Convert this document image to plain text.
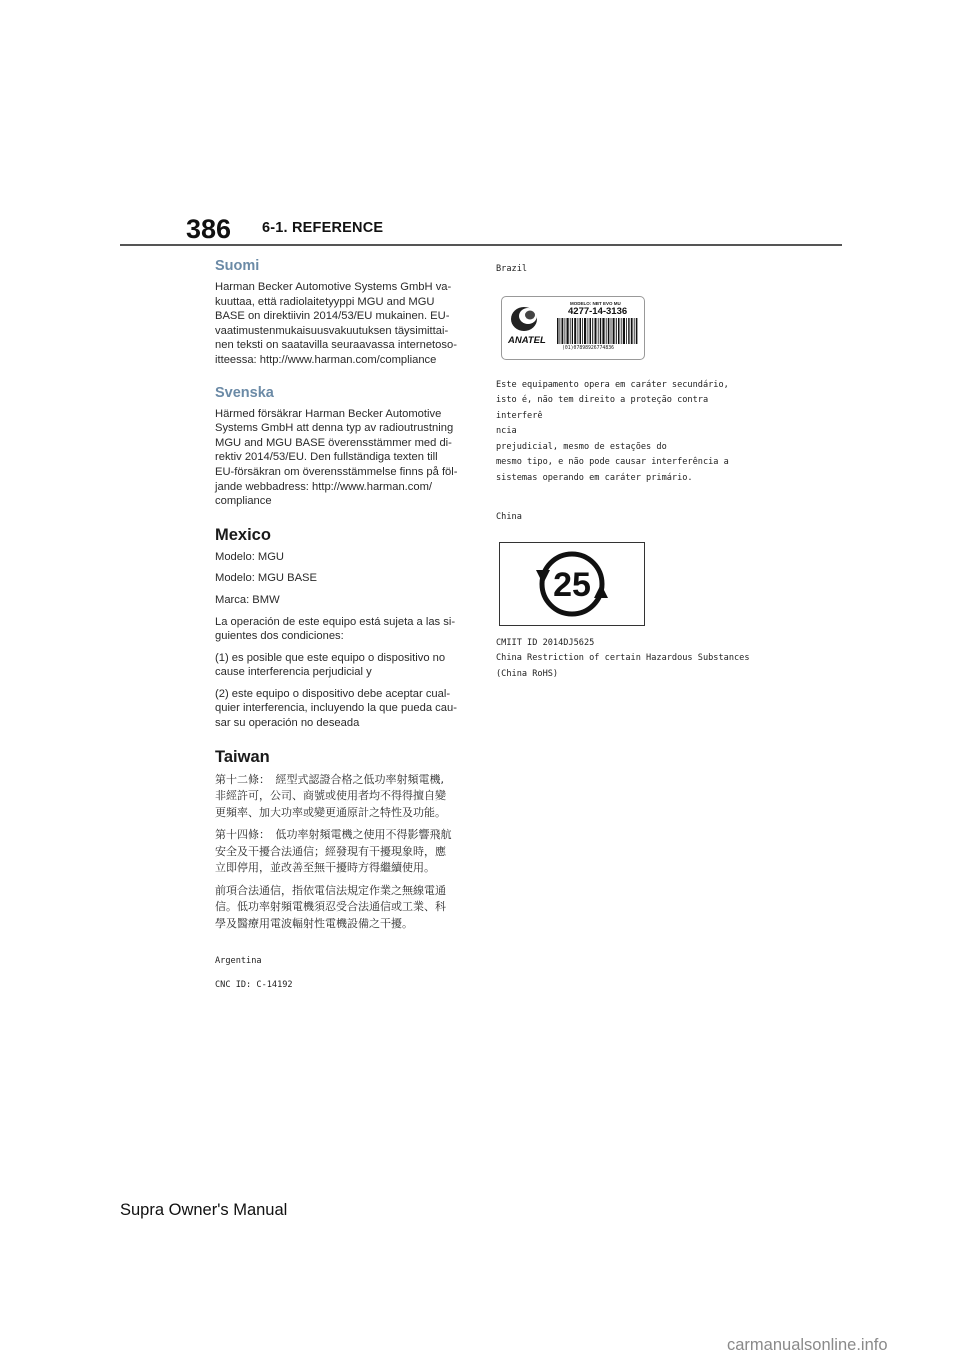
386 6-1. REFERENCE
Suomi
Harman Becker Automotive Systems GmbH va-
kuuttaa, että radiolaitetyyppi MGU and MGU
BASE on direktiivin 2014/53/EU mukainen. EU-
vaatimustenmukaisuusvakuutuksen täysimittai-
nen teksti on saatavilla seuraavassa internetoso-
itteessa: http://www.harman.com/compliance
Svenska
Härmed försäkrar Harman Becker Automotive
Systems GmbH att denna typ av radioutrustning
MGU and MGU BASE överensstämmer med di-
rektiv 2014/53/EU. Den fullständiga texten till
EU-försäkran om överensstämmelse finns på föl-
jande webbadress: http://www.harman.com/
compliance
Mexico
Modelo: MGU
Modelo: MGU BASE
Marca: BMW
La operación de este equipo está sujeta a las si-
guientes dos condiciones:
(1) es posible que este equipo o dispositivo no
cause interferencia perjudicial y
(2) este equipo o dispositivo debe aceptar cual-
quier interferencia, incluyendo la que pueda cau-
sar su operación no deseada
Taiwan
第十二條：　經型式認證合格之低功率射頻電機,
非經許可，公司、商號或使用者均不得得擅自變
更頻率、加大功率或變更通原計之特性及功能。
第十四條：　低功率射頻電機之使用不得影響飛航
安全及干擾合法通信；經發現有干擾現象時，應
立即停用，並改善至無干擾時方得繼續使用。
前項合法通信，指依電信法規定作業之無線電通
信。低功率射頻電機須忍受合法通信或工業、科
學及醫療用電波輻射性電機設備之干擾。
Argentina
CNC ID: C-14192
Brazil
ANATEL
MODELO: NBT EVO MU
4277-14-3136
(01)07898926774836
Este equipamento opera em caráter secundário,
isto é, não tem direito a proteção contra interferê
ncia
prejudicial, mesmo de estações do
mesmo tipo, e não pode causar interferência a
sistemas operando em caráter primário.
China
25
CMIIT ID 2014DJ5625
China Restriction of certain Hazardous Substances
(China RoHS)
Supra Owner's Manual
carmanualsonline.info
